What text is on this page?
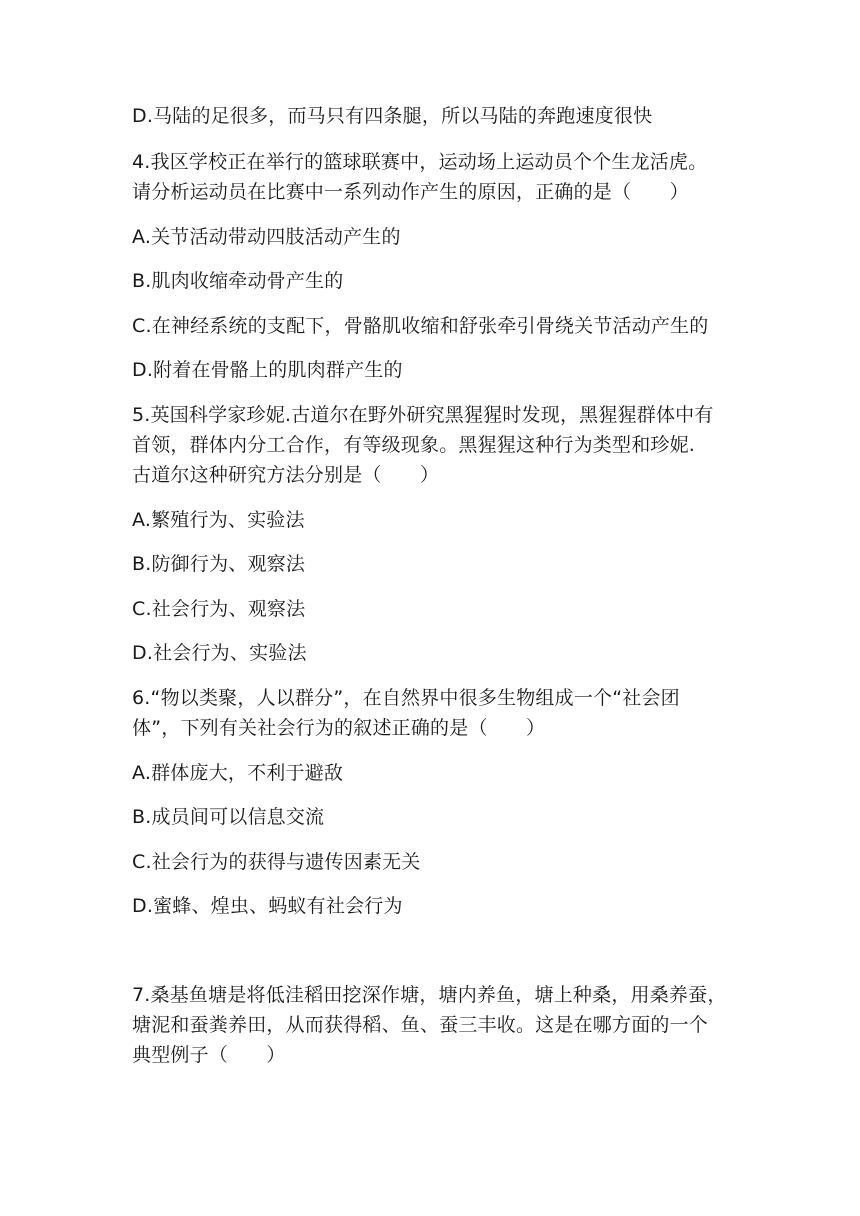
D.马陆的足很多，而马只有四条腿，所以马陆的奔跑速度很快
4.我区学校正在举行的篮球联赛中，运动场上运动员个个生龙活虎。
请分析运动员在比赛中一系列动作产生的原因，正确的是（　　）
A.关节活动带动四肢活动产生的
B.肌肉收缩牵动骨产生的
C.在神经系统的支配下，骨骼肌收缩和舒张牵引骨绕关节活动产生的
D.附着在骨骼上的肌肉群产生的
5.英国科学家珍妮.古道尔在野外研究黑猩猩时发现，黑猩猩群体中有
首领，群体内分工合作，有等级现象。黑猩猩这种行为类型和珍妮.
古道尔这种研究方法分别是（　　）
A.繁殖行为、实验法
B.防御行为、观察法
C.社会行为、观察法
D.社会行为、实验法
6.“物以类聚，人以群分”，在自然界中很多生物组成一个“社会团
体”，下列有关社会行为的叙述正确的是（　　）
A.群体庞大，不利于避敌
B.成员间可以信息交流
C.社会行为的获得与遗传因素无关
D.蜜蜂、煌虫、蚂蚁有社会行为
7.桑基鱼塘是将低洼稻田挖深作塘，塘内养鱼，塘上种桑，用桑养蚕，
塘泥和蚕粪养田，从而获得稻、鱼、蚕三丰收。这是在哪方面的一个
典型例子（　　）
